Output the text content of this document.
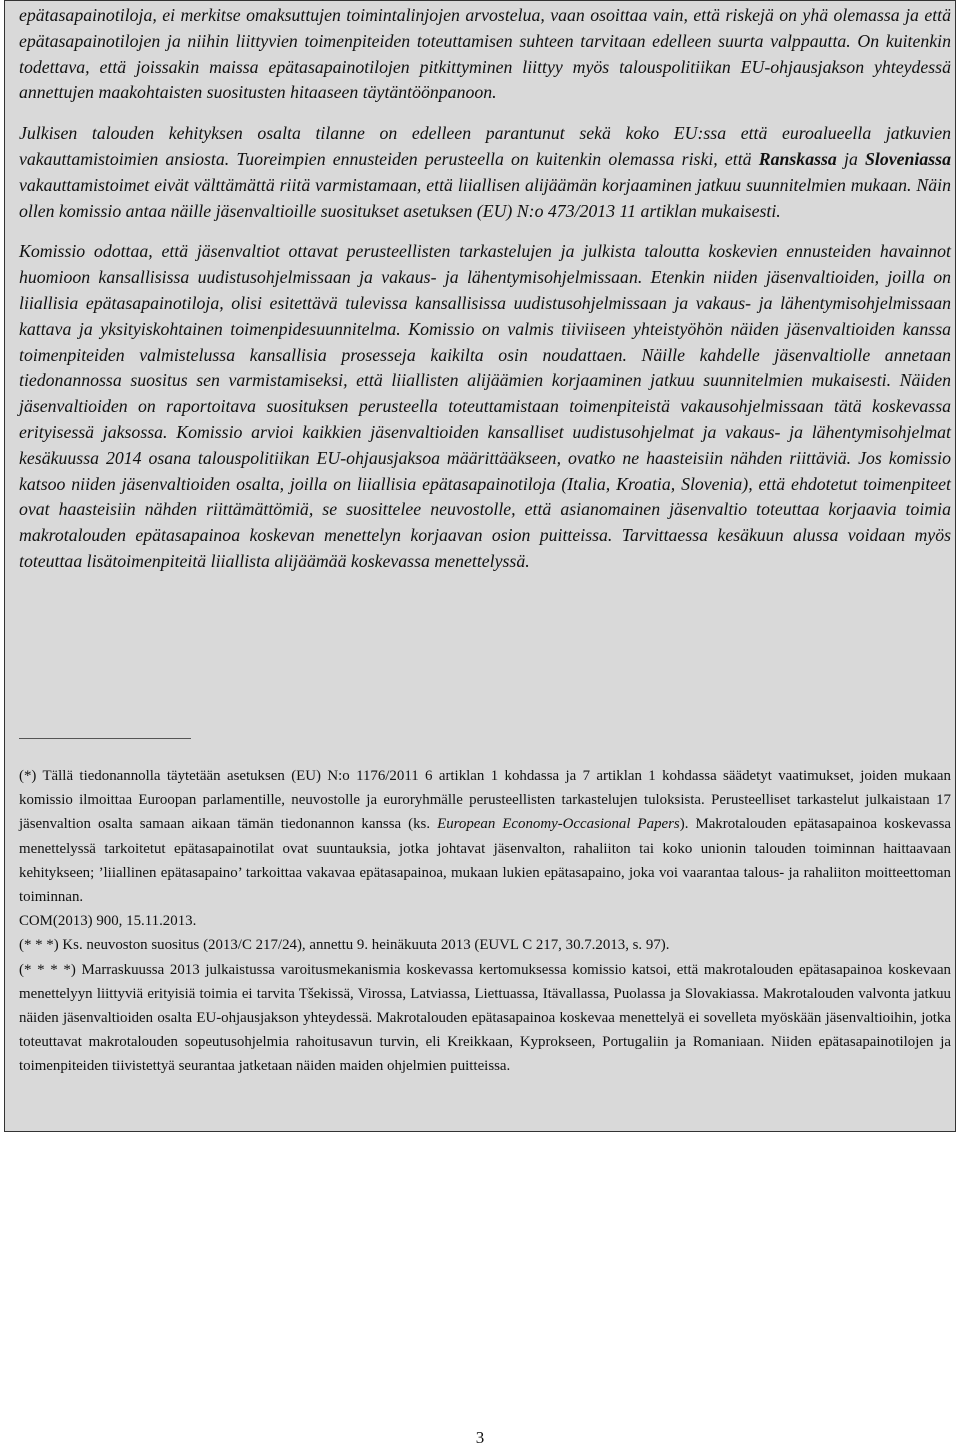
epätasapainotiloja, ei merkitse omaksuttujen toimintalinjojen arvostelua, vaan osoittaa vain, että riskejä on yhä olemassa ja että epätasapainotilojen ja niihin liittyvien toimenpiteiden toteuttamisen suhteen tarvitaan edelleen suurta valppautta. On kuitenkin todettava, että joissakin maissa epätasapainotilojen pitkittyminen liittyy myös talouspolitiikan EU-ohjausjakson yhteydessä annettujen maakohtaisten suositusten hitaaseen täytäntöönpanoon.

Julkisen talouden kehityksen osalta tilanne on edelleen parantunut sekä koko EU:ssa että euroalueella jatkuvien vakauttamistoimien ansiosta. Tuoreimpien ennusteiden perusteella on kuitenkin olemassa riski, että Ranskassa ja Sloveniassa vakauttamistoimet eivät välttämättä riitä varmistamaan, että liiallisen alijäämän korjaaminen jatkuu suunnitelmien mukaan. Näin ollen komissio antaa näille jäsenvaltioille suositukset asetuksen (EU) N:o 473/2013 11 artiklan mukaisesti.

Komissio odottaa, että jäsenvaltiot ottavat perusteellisten tarkastelujen ja julkista taloutta koskevien ennusteiden havainnot huomioon kansallisissa uudistusohjelmissaan ja vakaus- ja lähentymisohjelmissaan. Etenkin niiden jäsenvaltioiden, joilla on liiallisia epätasapainotiloja, olisi esitettävä tulevissa kansallisissa uudistusohjelmissaan ja vakaus- ja lähentymisohjelmissaan kattava ja yksityiskohtainen toimenpidesuunnitelma. Komissio on valmis tiiviiseen yhteistyöhön näiden jäsenvaltioiden kanssa toimenpiteiden valmistelussa kansallisia prosesseja kaikilta osin noudattaen. Näille kahdelle jäsenvaltiolle annetaan tiedonannossa suositus sen varmistamiseksi, että liiallisten alijäämien korjaaminen jatkuu suunnitelmien mukaisesti. Näiden jäsenvaltioiden on raportoitava suosituksen perusteella toteuttamistaan toimenpiteistä vakausohjelmissaan tätä koskevassa erityisessä jaksossa. Komissio arvioi kaikkien jäsenvaltioiden kansalliset uudistusohjelmat ja vakaus- ja lähentymisohjelmat kesäkuussa 2014 osana talouspolitiikan EU-ohjausjaksoa määrittääkseen, ovatko ne haasteisiin nähden riittäviä. Jos komissio katsoo niiden jäsenvaltioiden osalta, joilla on liiallisia epätasapainotiloja (Italia, Kroatia, Slovenia), että ehdotetut toimenpiteet ovat haasteisiin nähden riittämättömiä, se suosittelee neuvostolle, että asianomainen jäsenvaltio toteuttaa korjaavia toimia makrotalouden epätasapainoa koskevan menettelyn korjaavan osion puitteissa. Tarvittaessa kesäkuun alussa voidaan myös toteuttaa lisätoimenpiteitä liiallista alijäämää koskevassa menettelyssä.

(*) Tällä tiedonannolla täytetään asetuksen (EU) N:o 1176/2011 6 artiklan 1 kohdassa ja 7 artiklan 1 kohdassa säädetyt vaatimukset, joiden mukaan komissio ilmoittaa Euroopan parlamentille, neuvostolle ja euroryhmälle perusteellisten tarkastelujen tuloksista. Perusteelliset tarkastelut julkaistaan 17 jäsenvaltion osalta samaan aikaan tämän tiedonannon kanssa (ks. European Economy-Occasional Papers). Makrotalouden epätasapainoa koskevassa menettelyssä tarkoitetut epätasapainotilat ovat suuntauksia, jotka johtavat jäsenvalton, rahaliiton tai koko unionin talouden toiminnan haittaavaan kehitykseen; ’liiallinen epätasapaino’ tarkoittaa vakavaa epätasapainoa, mukaan lukien epätasapaino, joka voi vaarantaa talous- ja rahaliiton moitteettoman toiminnan.

COM(2013) 900, 15.11.2013.

(* * *) Ks. neuvoston suositus (2013/C 217/24), annettu 9. heinäkuuta 2013 (EUVL C 217, 30.7.2013, s. 97).

(* * * *) Marraskuussa 2013 julkaistussa varoitusmekanismia koskevassa kertomuksessa komissio katsoi, että makrotalouden epätasapainoa koskevaan menettelyyn liittyviä erityisiä toimia ei tarvita Tšekissä, Virossa, Latviassa, Liettuassa, Itävallassa, Puolassa ja Slovakiassa. Makrotalouden valvonta jatkuu näiden jäsenvaltioiden osalta EU-ohjausjakson yhteydessä. Makrotalouden epätasapainoa koskevaa menettelyä ei sovelleta myöskään jäsenvaltioihin, jotka toteuttavat makrotalouden sopeutusohjelmia rahoitusavun turvin, eli Kreikkaan, Kyprokseen, Portugaliin ja Romaniaan. Niiden epätasapainotilojen ja toimenpiteiden tiivistettyä seurantaa jatketaan näiden maiden ohjelmien puitteissa.

3
